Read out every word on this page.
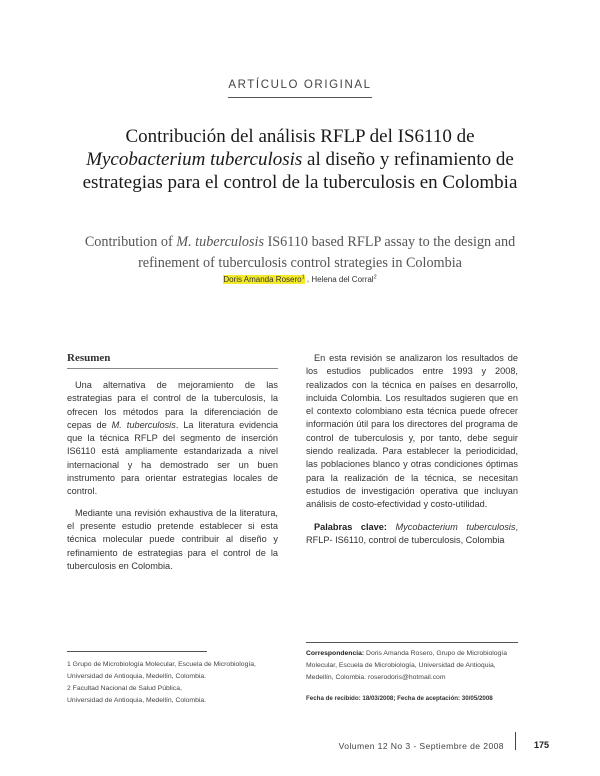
ARTÍCULO ORIGINAL
Contribución del análisis RFLP del IS6110 de
Mycobacterium tuberculosis al diseño y refinamiento de estrategias para el control de la tuberculosis en Colombia
Contribution of M. tuberculosis IS6110 based RFLP assay to the design and refinement of tuberculosis control strategies in Colombia
Doris Amanda Rosero$^1$ , Helena del Corral$^2$
Resumen

Una alternativa de mejoramiento de las estrategias para el control de la tuberculosis, la ofrecen los métodos para la diferenciación de cepas de M. tuberculosis. La literatura evidencia que la técnica RFLP del segmento de inserción IS6110 está ampliamente estandarizada a nivel internacional y ha demostrado ser un buen instrumento para orientar estrategias locales de control.

Mediante una revisión exhaustiva de la literatura, el presente estudio pretende establecer si esta técnica molecular puede contribuir al diseño y refinamiento de estrategias para el control de la tuberculosis en Colombia.

En esta revisión se analizaron los resultados de los estudios publicados entre 1993 y 2008, realizados con la técnica en países en desarrollo, incluida Colombia. Los resultados sugieren que en el contexto colombiano esta técnica puede ofrecer información útil para los directores del programa de control de tuberculosis y, por tanto, debe seguir siendo realizada. Para establecer la periodicidad, las poblaciones blanco y otras condiciones óptimas para la realización de la técnica, se necesitan estudios de investigación operativa que incluyan análisis de costo-efectividad y costo-utilidad.

Palabras clave: Mycobacterium tuberculosis, RFLP- IS6110, control de tuberculosis, Colombia

1 Grupo de Microbiología Molecular, Escuela de Microbiología,
Universidad de Antioquia, Medellín, Colombia.
2 Facultad Nacional de Salud Pública,
Universidad de Antioquia, Medellín, Colombia.
Correspondencia: Doris Amanda Rosero, Grupo de Microbiología Molecular, Escuela de Microbiología, Universidad de Antioquia, Medellín, Colombia. roserodoris@hotmail.com
Fecha de recibido: 18/03/2008; Fecha de aceptación: 30/05/2008
Volumen 12 No 3 - Septiembre de 2008	175
